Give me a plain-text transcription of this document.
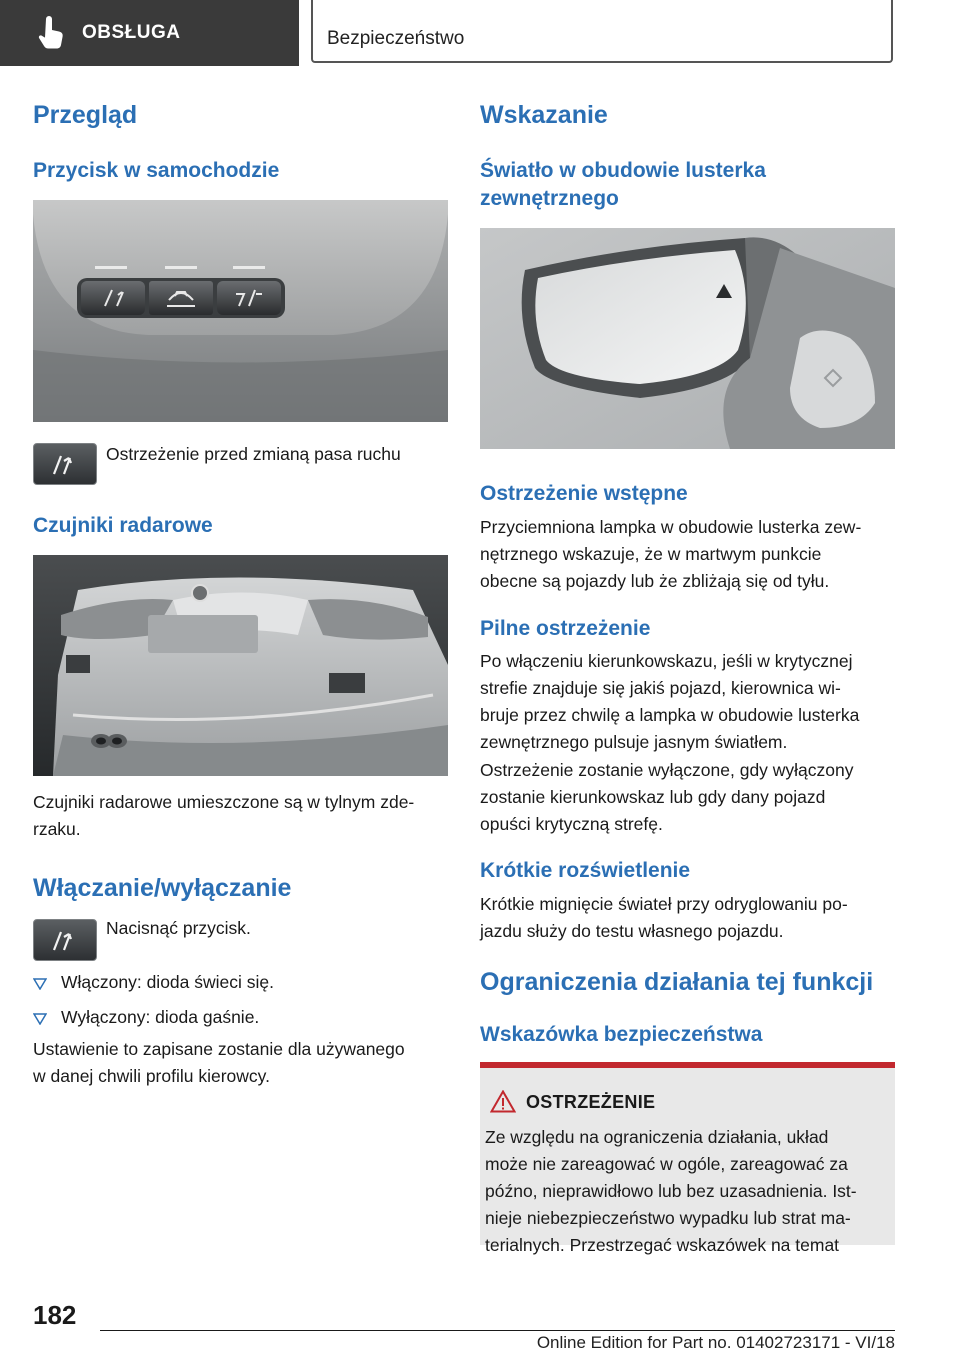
OBSŁUGA	Bezpieczeństwo
Przegląd
Przycisk w samochodzie

Ostrzeżenie przed zmianą pasa ruchu

Czujniki radarowe

Czujniki radarowe umieszczone są w tylnym zde-

rzaku.

Włączanie/wyłączanie

Nacisnąć przycisk.

Włączony: dioda świeci się.
Wyłączony: dioda gaśnie.

Ustawienie to zapisane zostanie dla używanego

w danej chwili profilu kierowcy.

Wskazanie
Światło w obudowie lusterka
zewnętrznego
Ostrzeżenie wstępne

Przyciemniona lampka w obudowie lusterka zew-

nętrznego wskazuje, że w martwym punkcie

obecne są pojazdy lub że zbliżają się od tyłu.

Pilne ostrzeżenie

Po włączeniu kierunkowskazu, jeśli w krytycznej

strefie znajduje się jakiś pojazd, kierownica wi-

bruje przez chwilę a lampka w obudowie lusterka

zewnętrznego pulsuje jasnym światłem.

Ostrzeżenie zostanie wyłączone, gdy wyłączony

zostanie kierunkowskaz lub gdy dany pojazd

opuści krytyczną strefę.

Krótkie rozświetlenie

Krótkie mignięcie świateł przy odryglowaniu po-

jazdu służy do testu własnego pojazdu.

Ograniczenia działania tej funkcji
Wskazówka bezpieczeństwa
OSTRZEŻENIE

Ze względu na ograniczenia działania, układ
może nie zareagować w ogóle, zareagować za
późno, nieprawidłowo lub bez uzasadnienia. Ist-
nieje niebezpieczeństwo wypadku lub strat ma-
terialnych. Przestrzegać wskazówek na temat

182
Online Edition for Part no. 01402723171 - VI/18
